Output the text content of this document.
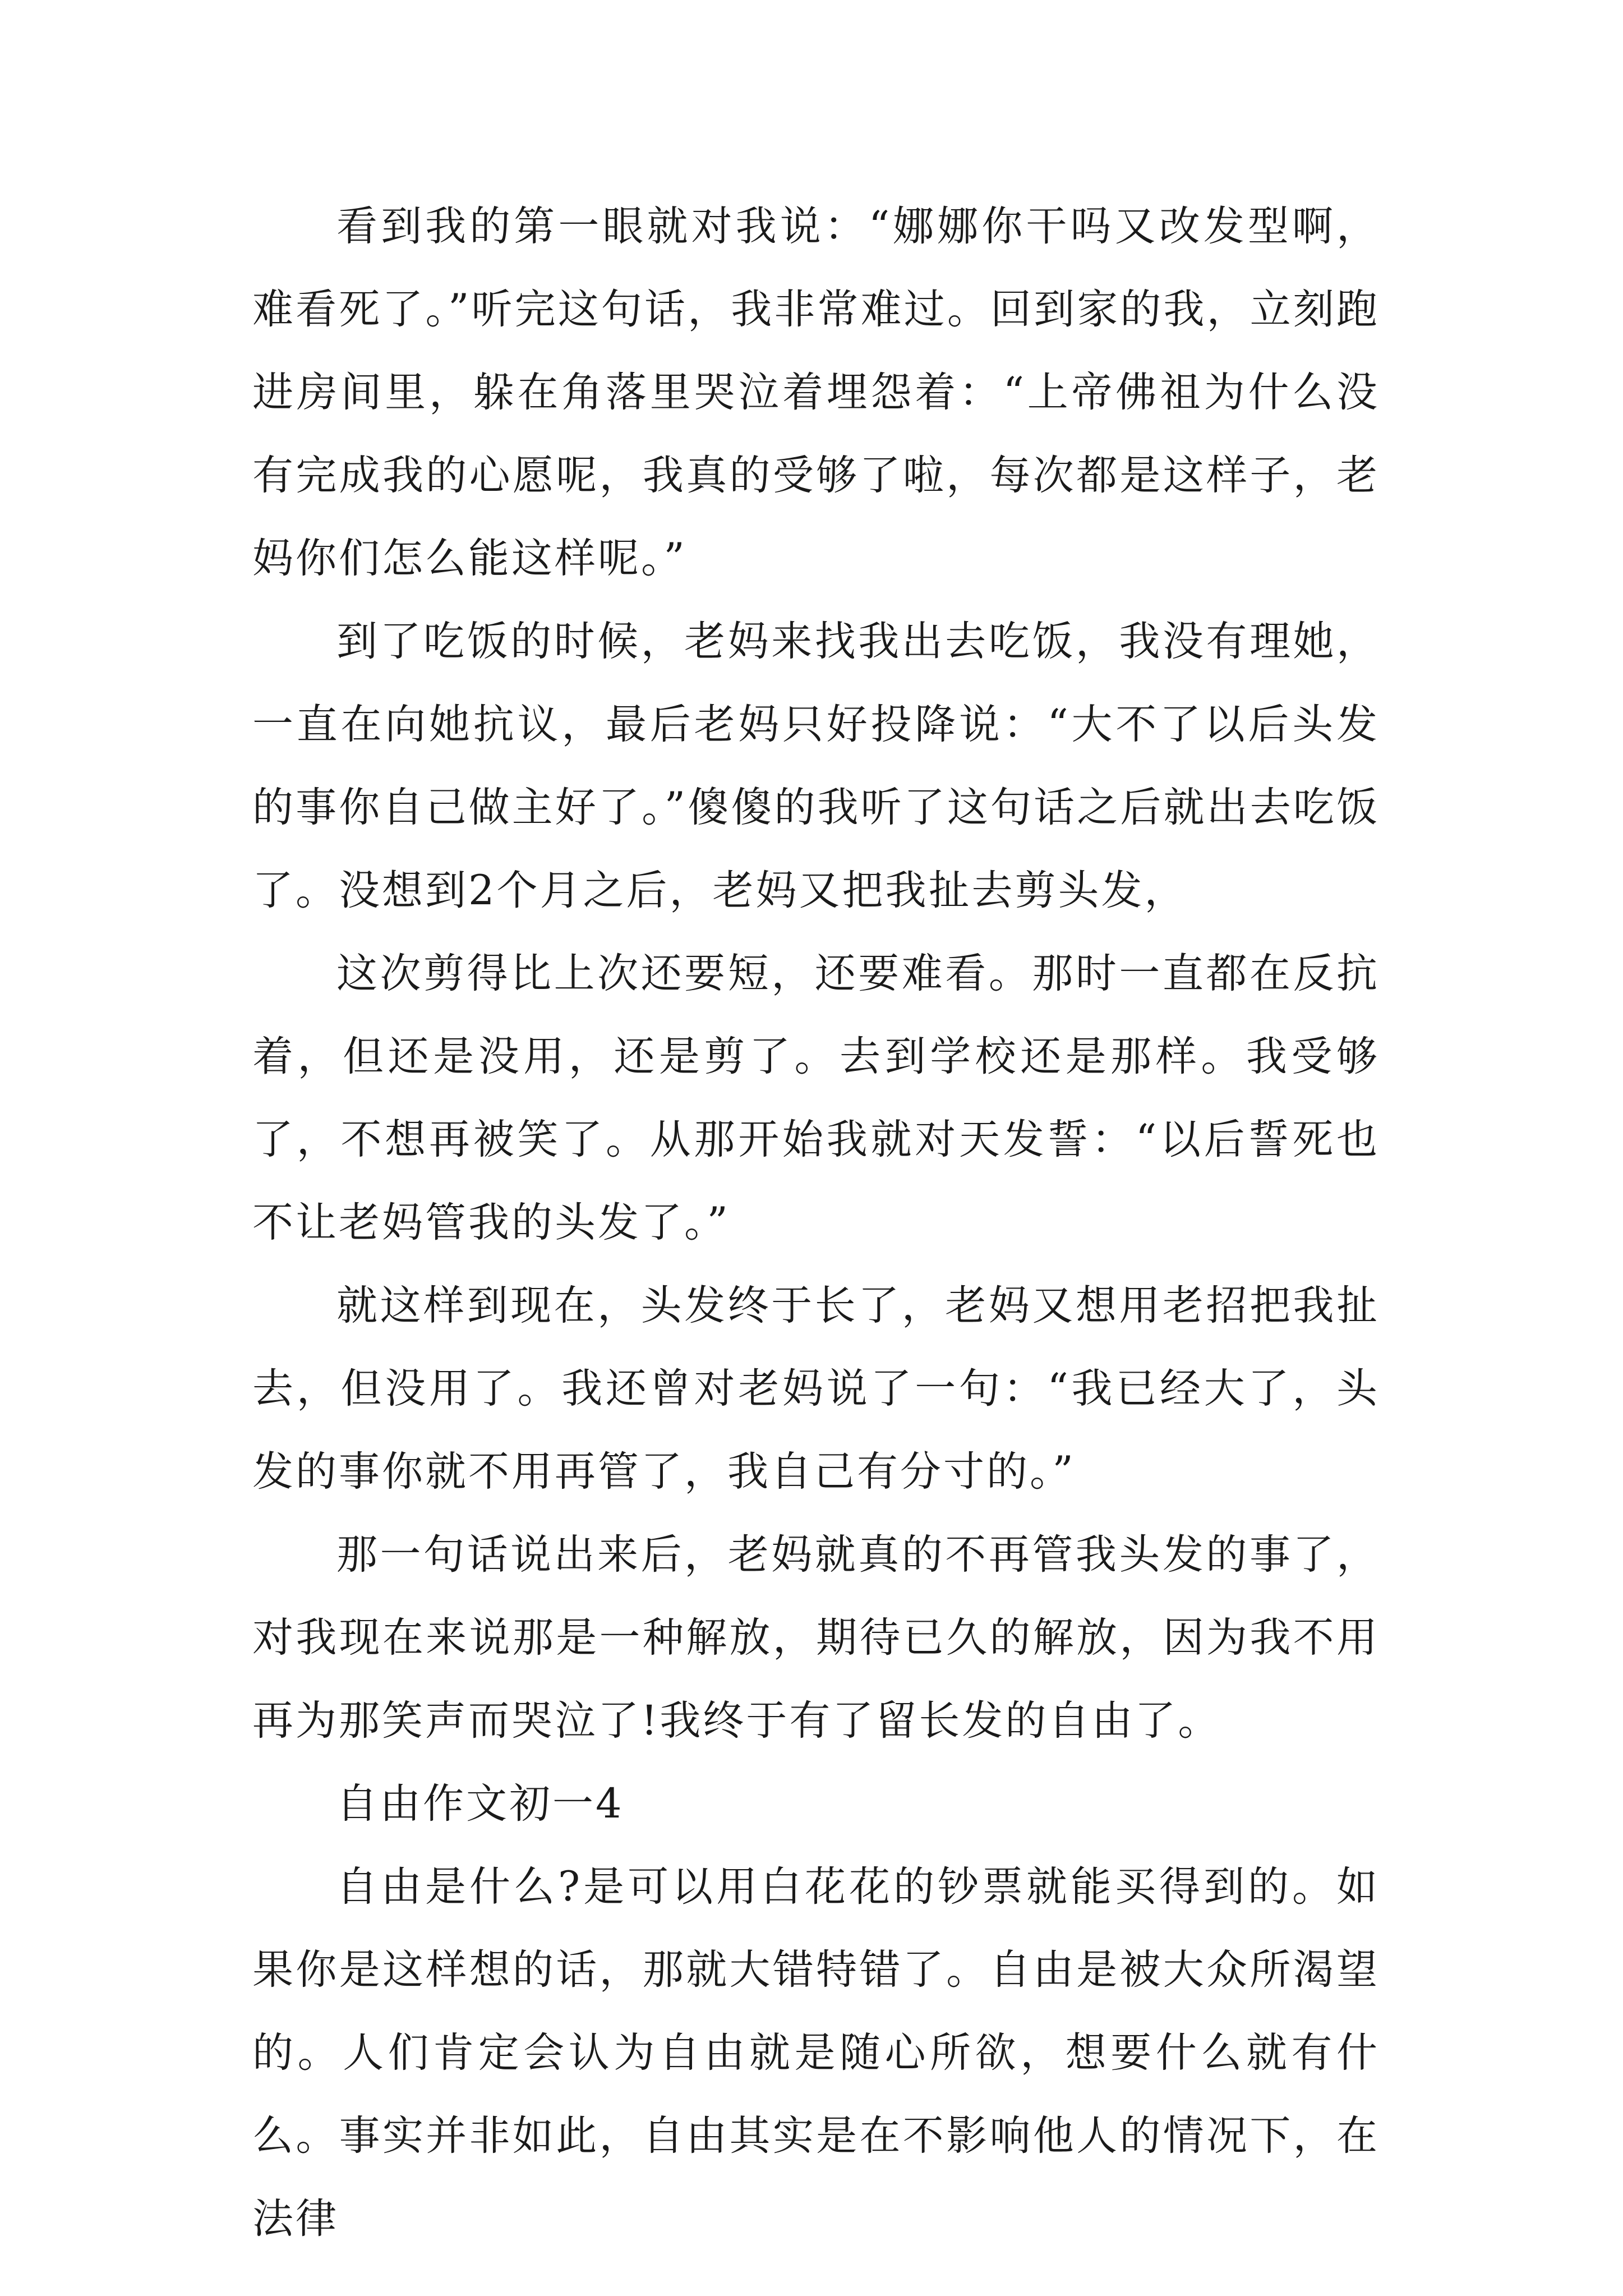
看到我的第一眼就对我说：“娜娜你干吗又改发型啊，难看死了。”听完这句话，我非常难过。回到家的我，立刻跑进房间里，躲在角落里哭泣着埋怨着：“上帝佛祖为什么没有完成我的心愿呢，我真的受够了啦，每次都是这样子，老妈你们怎么能这样呢。”

到了吃饭的时候，老妈来找我出去吃饭，我没有理她，一直在向她抗议，最后老妈只好投降说：“大不了以后头发的事你自己做主好了。”傻傻的我听了这句话之后就出去吃饭了。没想到2个月之后，老妈又把我扯去剪头发，

这次剪得比上次还要短，还要难看。那时一直都在反抗着，但还是没用，还是剪了。去到学校还是那样。我受够了，不想再被笑了。从那开始我就对天发誓：“以后誓死也不让老妈管我的头发了。”

就这样到现在，头发终于长了，老妈又想用老招把我扯去，但没用了。我还曾对老妈说了一句：“我已经大了，头发的事你就不用再管了，我自己有分寸的。”

那一句话说出来后，老妈就真的不再管我头发的事了，对我现在来说那是一种解放，期待已久的解放，因为我不用再为那笑声而哭泣了!我终于有了留长发的自由了。

自由作文初一4

自由是什么?是可以用白花花的钞票就能买得到的。如果你是这样想的话，那就大错特错了。自由是被大众所渴望的。人们肯定会认为自由就是随心所欲，想要什么就有什么。事实并非如此，自由其实是在不影响他人的情况下，在法律
